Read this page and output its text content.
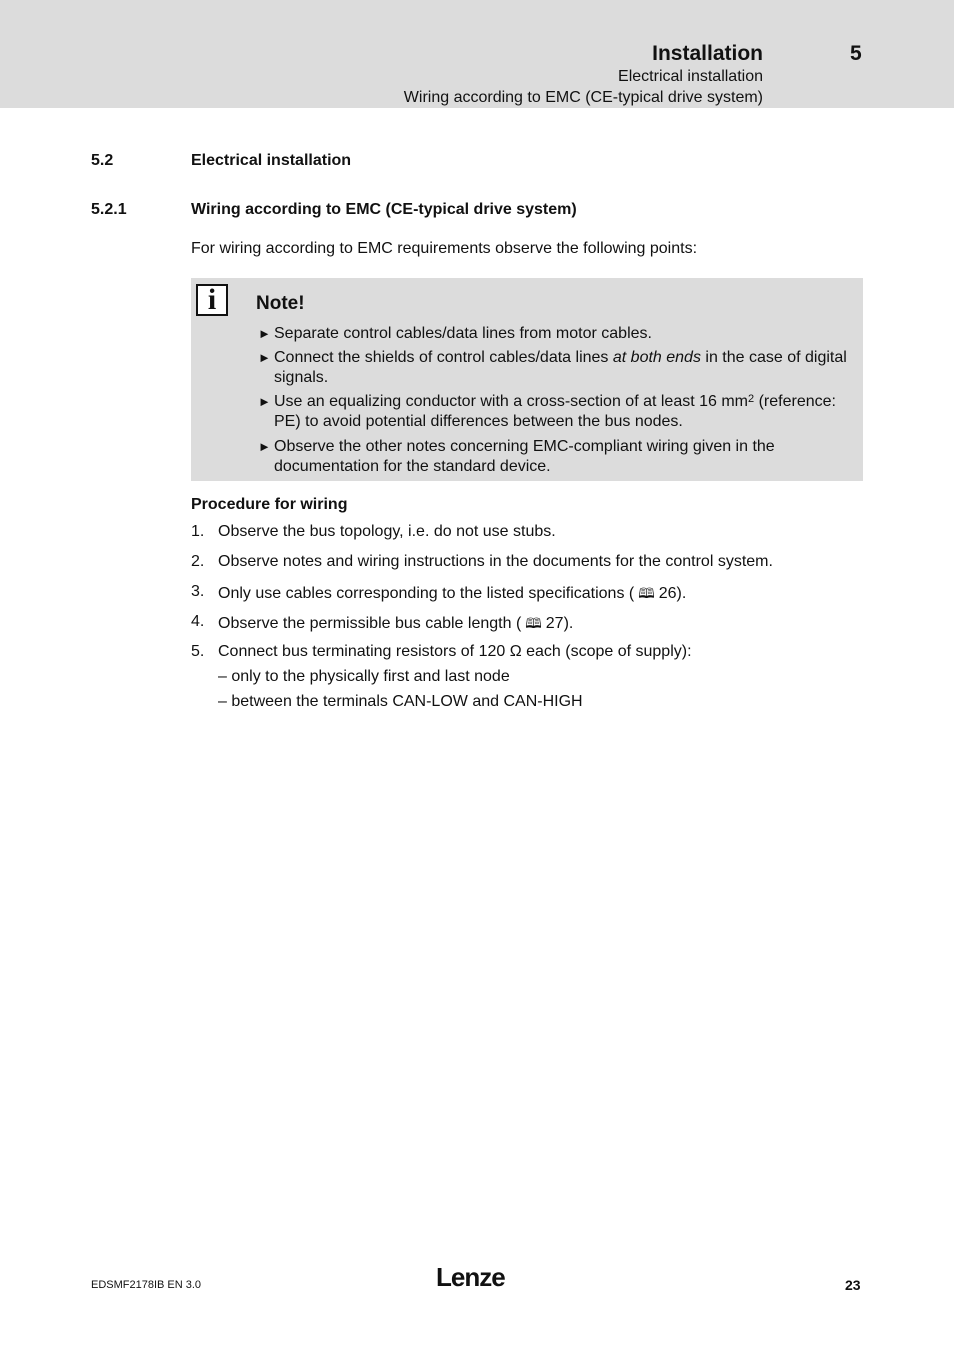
Installation	5
Electrical installation
Wiring according to EMC (CE-typical drive system)
5.2	Electrical installation
5.2.1	Wiring according to EMC (CE-typical drive system)
For wiring according to EMC requirements observe the following points:
i	Note!
► Separate control cables/data lines from motor cables.
► Connect the shields of control cables/data lines at both ends in the case of digital signals.
► Use an equalizing conductor with a cross-section of at least 16 $mm^2$ (reference: PE) to avoid potential differences between the bus nodes.
► Observe the other notes concerning EMC-compliant wiring given in the documentation for the standard device.
Procedure for wiring
1. Observe the bus topology, i.e. do not use stubs.
2. Observe notes and wiring instructions in the documents for the control system.
3. Only use cables corresponding to the listed specifications ( 🕮 26).
4. Observe the permissible bus cable length ( 🕮 27).
5. Connect bus terminating resistors of 120 Ω each (scope of supply):
– only to the physically first and last node
– between the terminals CAN-LOW and CAN-HIGH
EDSMF2178IB EN 3.0	Lenze	23
